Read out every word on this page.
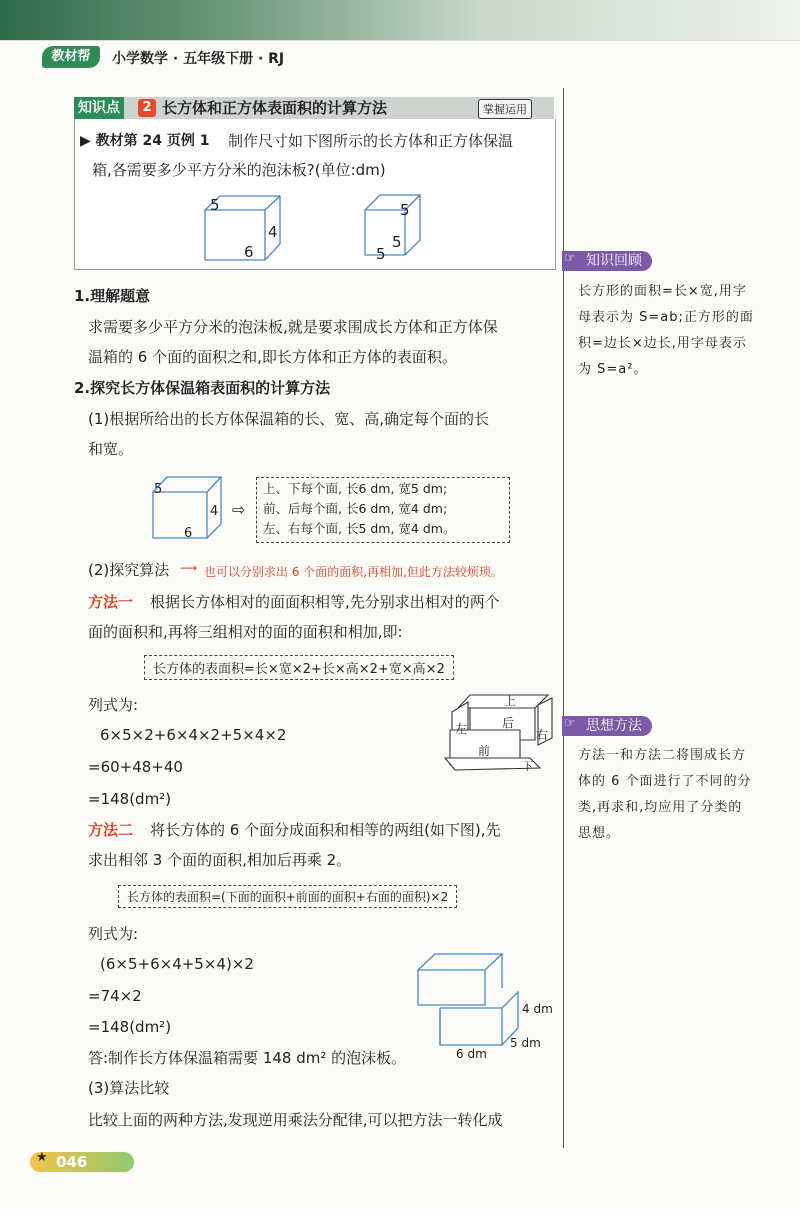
教材帮	小学数学 · 五年级下册 · RJ
知识点	2 长方体和正方体表面积的计算方法	掌握运用
▶ 教材第 24 页例 1 制作尺寸如下图所示的长方体和正方体保温
箱,各需要多少平方分米的泡沫板?(单位:dm)
5
4
6
5
5
5
1.理解题意
求需要多少平方分米的泡沫板,就是要求围成长方体和正方体保
温箱的 6 个面的面积之和,即长方体和正方体的表面积。
2.探究长方体保温箱表面积的计算方法
(1)根据所给出的长方体保温箱的长、宽、高,确定每个面的长
和宽。
5
4
6
⇨
上、下每个面, 长6 dm, 宽5 dm;
前、后每个面, 长6 dm, 宽4 dm;
左、右每个面, 长5 dm, 宽4 dm。
(2)探究算法 ⟶ 也可以分别求出 6 个面的面积,再相加,但此方法较烦琐。
方法一 根据长方体相对的面面积相等,先分别求出相对的两个
面的面积和,再将三组相对的面的面积和相加,即:
长方体的表面积=长×宽×2+长×高×2+宽×高×2
列式为:
6×5×2+6×4×2+5×4×2
=60+48+40
=148(dm²)
上
后
左	右
前
下
方法二 将长方体的 6 个面分成面积和相等的两组(如下图),先
求出相邻 3 个面的面积,相加后再乘 2。
长方体的表面积=(下面的面积+前面的面积+右面的面积)×2
列式为:
(6×5+6×4+5×4)×2
=74×2
=148(dm²)
4 dm
5 dm
6 dm
答:制作长方体保温箱需要 148 dm² 的泡沫板。
(3)算法比较
比较上面的两种方法,发现逆用乘法分配律,可以把方法一转化成
知识回顾
☞
长方形的面积=长×宽,用字
母表示为 S=ab;正方形的面
积=边长×边长,用字母表示
为 S=a²。
思想方法
☞
方法一和方法二将围成长方
体的 6 个面进行了不同的分
类,再求和,均应用了分类的
思想。
★ 046
